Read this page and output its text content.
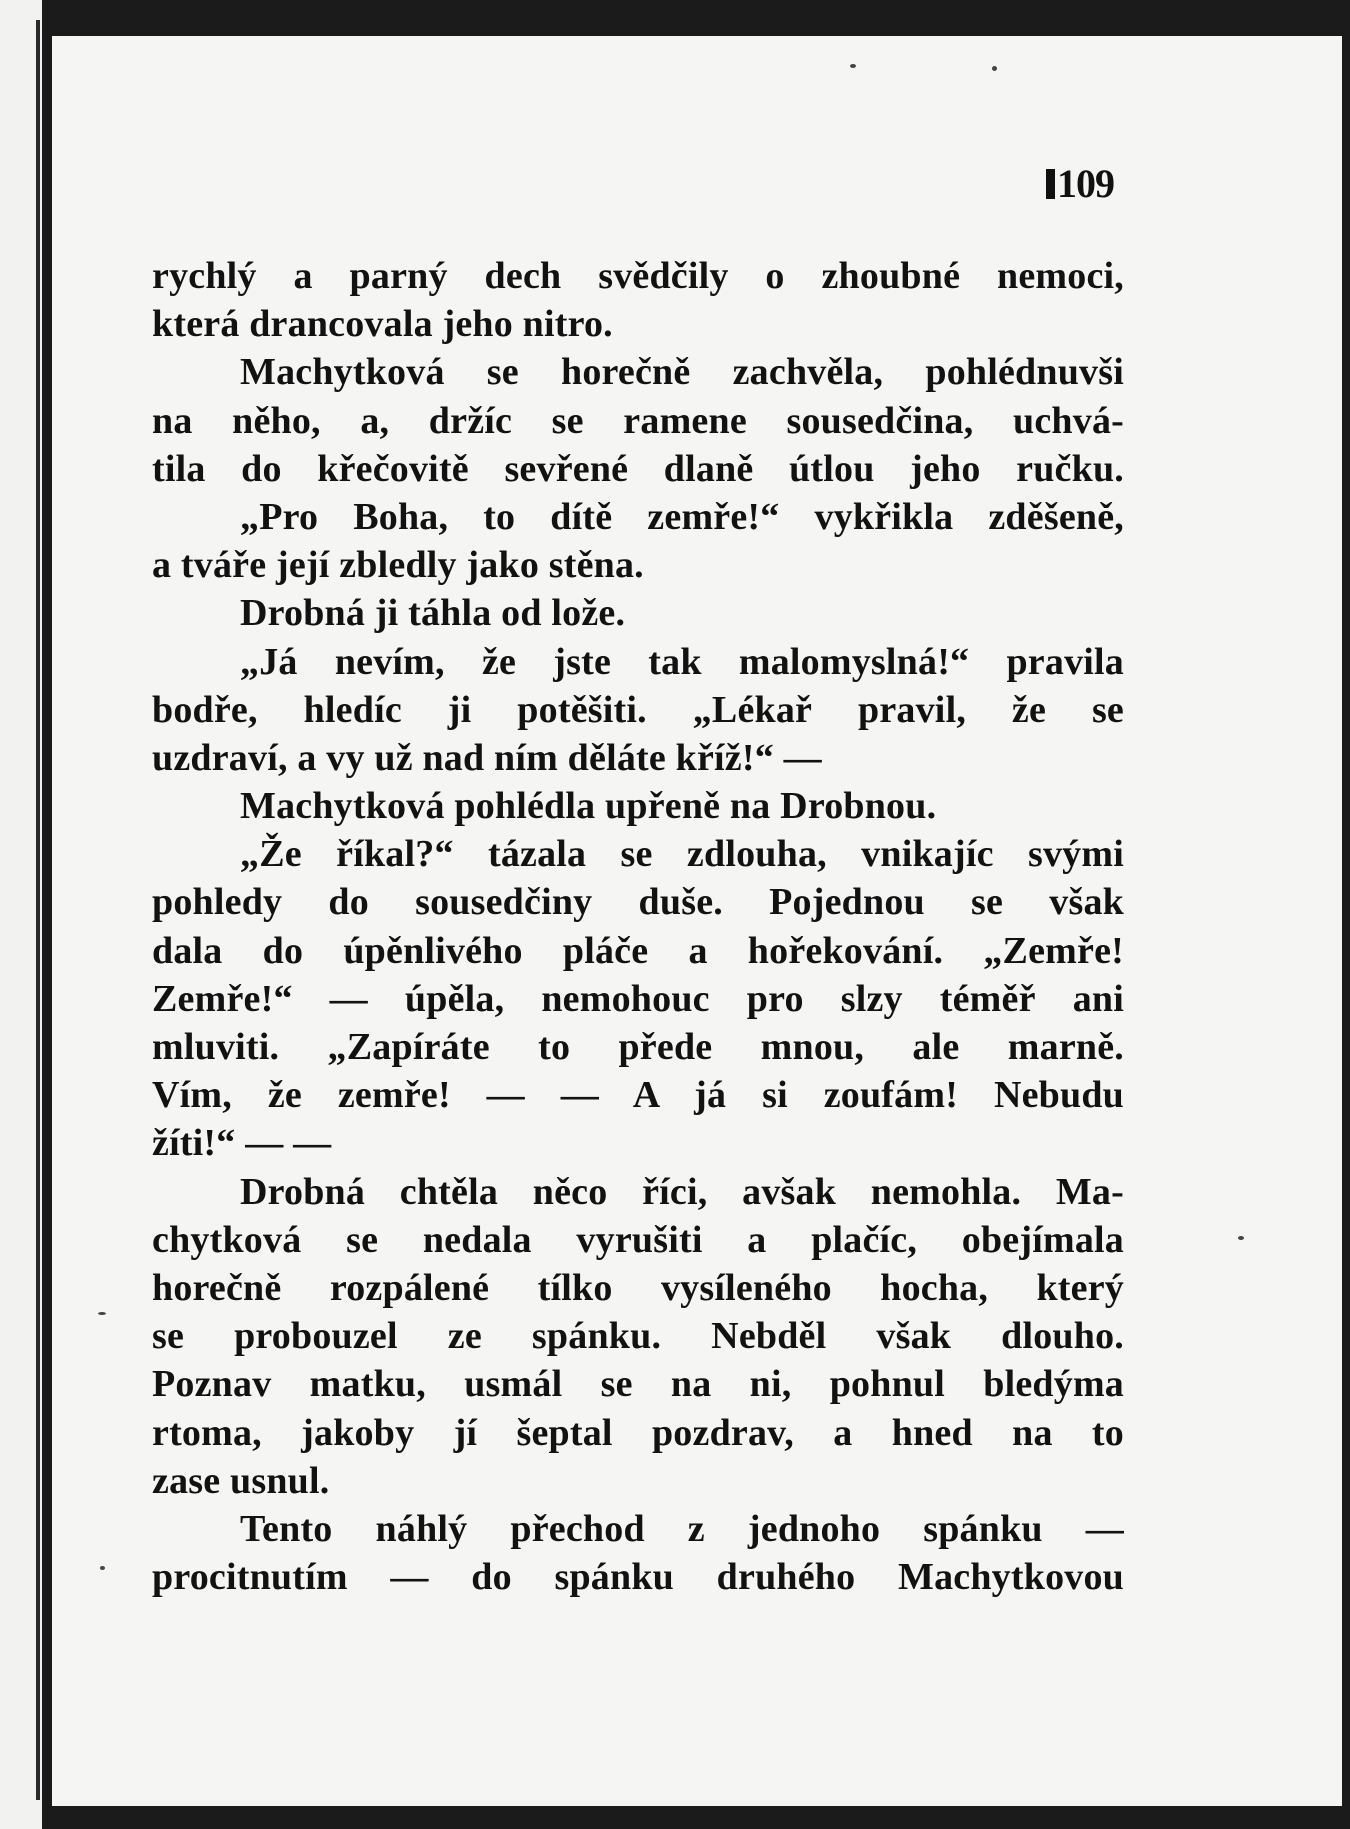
109
rychlý a parný dech svědčily o zhoubné nemoci,
která drancovala jeho nitro.
Machytková se horečně zachvěla, pohlédnuvši
na něho, a, držíc se ramene sousedčina, uchvá-
tila do křečovitě sevřené dlaně útlou jeho ručku.
„Pro Boha, to dítě zemře!“ vykřikla zděšeně,
a tváře její zbledly jako stěna.
Drobná ji táhla od lože.
„Já nevím, že jste tak malomyslná!“ pravila
bodře, hledíc ji potěšiti. „Lékař pravil, že se
uzdraví, a vy už nad ním děláte kříž!“ —
Machytková pohlédla upřeně na Drobnou.
„Že říkal?“ tázala se zdlouha, vnikajíc svými
pohledy do sousedčiny duše. Pojednou se však
dala do úpěnlivého pláče a hořekování. „Zemře!
Zemře!“ — úpěla, nemohouc pro slzy téměř ani
mluviti. „Zapíráte to přede mnou, ale marně.
Vím, že zemře! — — A já si zoufám! Nebudu
žíti!“ — —
Drobná chtěla něco říci, avšak nemohla. Ma-
chytková se nedala vyrušiti a plačíc, obejímala
horečně rozpálené tílko vysíleného hocha, který
se probouzel ze spánku. Nebděl však dlouho.
Poznav matku, usmál se na ni, pohnul bledýma
rtoma, jakoby jí šeptal pozdrav, a hned na to
zase usnul.
Tento náhlý přechod z jednoho spánku —
procitnutím — do spánku druhého Machytkovou
